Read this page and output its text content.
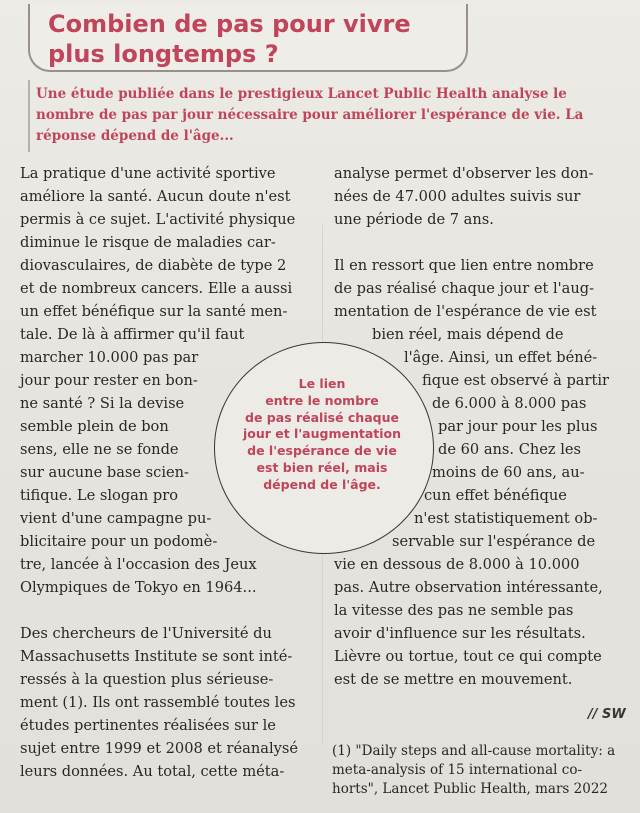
Combien de pas pour vivre
plus longtemps ?
Une étude publiée dans le prestigieux Lancet Public Health analyse le
nombre de pas par jour nécessaire pour améliorer l'espérance de vie. La
réponse dépend de l'âge...
La pratique d'une activité sportive
améliore la santé. Aucun doute n'est
permis à ce sujet. L'activité physique
diminue le risque de maladies car-
diovasculaires, de diabète de type 2
et de nombreux cancers. Elle a aussi
un effet bénéfique sur la santé men-
tale. De là à affirmer qu'il faut
marcher 10.000 pas par
jour pour rester en bon-
ne santé ? Si la devise
semble plein de bon
sens, elle ne se fonde
sur aucune base scien-
tifique. Le slogan pro
vient d'une campagne pu-
blicitaire pour un podomè-
tre, lancée à l'occasion des Jeux
Olympiques de Tokyo en 1964...
Des chercheurs de l'Université du
Massachusetts Institute se sont inté-
ressés à la question plus sérieuse-
ment (1). Ils ont rassemblé toutes les
études pertinentes réalisées sur le
sujet entre 1999 et 2008 et réanalysé
leurs données. Au total, cette méta-
analyse permet d'observer les don-
nées de 47.000 adultes suivis sur
une période de 7 ans.
Il en ressort que lien entre nombre
de pas réalisé chaque jour et l'aug-
mentation de l'espérance de vie est
bien réel, mais dépend de
l'âge. Ainsi, un effet béné-
fique est observé à partir
de 6.000 à 8.000 pas
par jour pour les plus
de 60 ans. Chez les
moins de 60 ans, au-
cun effet bénéfique
n'est statistiquement ob-
servable sur l'espérance de
vie en dessous de 8.000 à 10.000
pas. Autre observation intéressante,
la vitesse des pas ne semble pas
avoir d'influence sur les résultats.
Lièvre ou tortue, tout ce qui compte
est de se mettre en mouvement.
Le lien
entre le nombre
de pas réalisé chaque
jour et l'augmentation
de l'espérance de vie
est bien réel, mais
dépend de l'âge.
// SW
(1) "Daily steps and all-cause mortality: a
meta-analysis of 15 international co-
horts", Lancet Public Health, mars 2022
